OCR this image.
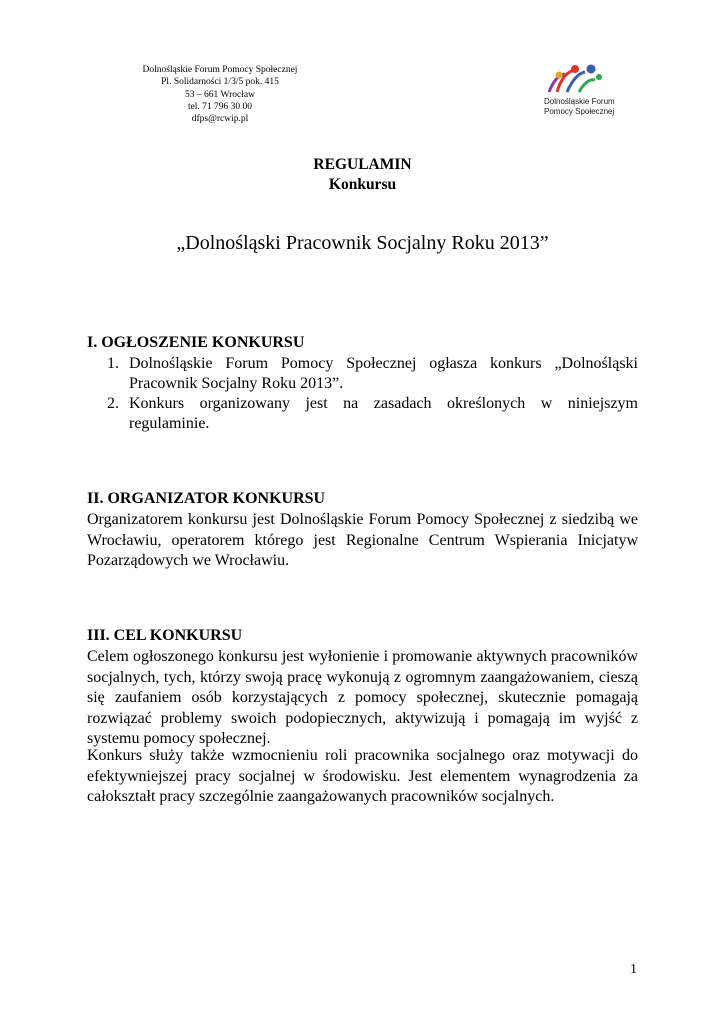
Dolnośląskie Forum Pomocy Społecznej
Pl. Solidarności 1/3/5 pok. 415
53 – 661 Wrocław
tel. 71 796 30 00
dfps@rcwip.pl
Dolnośląskie Forum
Pomocy Społecznej
REGULAMIN
Konkursu
„Dolnośląski Pracownik Socjalny Roku 2013”
I. OGŁOSZENIE KONKURSU
1. Dolnośląskie Forum Pomocy Społecznej ogłasza konkurs „Dolnośląski Pracownik Socjalny Roku 2013”.
2. Konkurs organizowany jest na zasadach określonych w niniejszym regulaminie.
II. ORGANIZATOR KONKURSU

Organizatorem konkursu jest Dolnośląskie Forum Pomocy Społecznej z siedzibą we Wrocławiu, operatorem którego jest Regionalne Centrum Wspierania Inicjatyw Pozarządowych we Wrocławiu.

III. CEL KONKURSU

Celem ogłoszonego konkursu jest wyłonienie i promowanie aktywnych pracowników socjalnych, tych, którzy swoją pracę wykonują z ogromnym zaangażowaniem, cieszą się zaufaniem osób korzystających z pomocy społecznej, skutecznie pomagają rozwiązać problemy swoich podopiecznych, aktywizują i pomagają im wyjść z systemu pomocy społecznej.

Konkurs służy także wzmocnieniu roli pracownika socjalnego oraz motywacji do efektywniejszej pracy socjalnej w środowisku. Jest elementem wynagrodzenia za całokształt pracy szczególnie zaangażowanych pracowników socjalnych.

1
